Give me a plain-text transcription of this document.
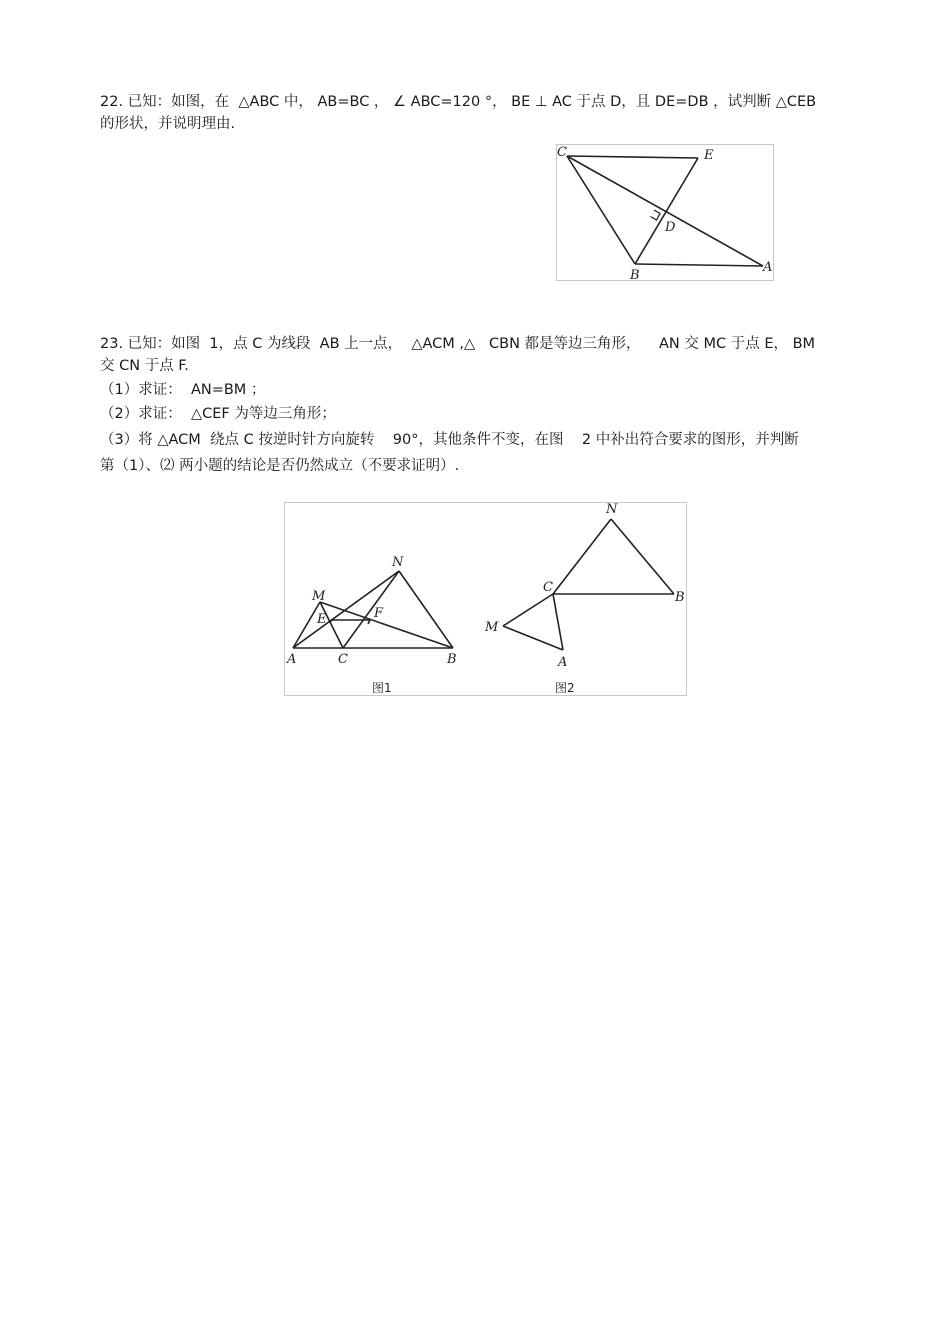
22. 已知：如图，在  △ABC 中， AB=BC ， ∠ ABC=120 °， BE ⊥ AC 于点 D，且 DE=DB ，试判断 △CEB
的形状，并说明理由.
C	E
D
B
A
23. 已知：如图  1，点 C 为线段  AB 上一点，  △ACM ,△   CBN 都是等边三角形，    AN 交 MC 于点 E， BM
交 CN 于点 F.
（1）求证：  AN=BM ；
（2）求证：  △CEF 为等边三角形；
（3）将 △ACM  绕点 C 按逆时针方向旋转    90°，其他条件不变，在图    2 中补出符合要求的图形，并判断
第（1）、⑵ 两小题的结论是否仍然成立（不要求证明）.
M
N
E	F
A	C	B
图1
N
C
B
M
A
图2
